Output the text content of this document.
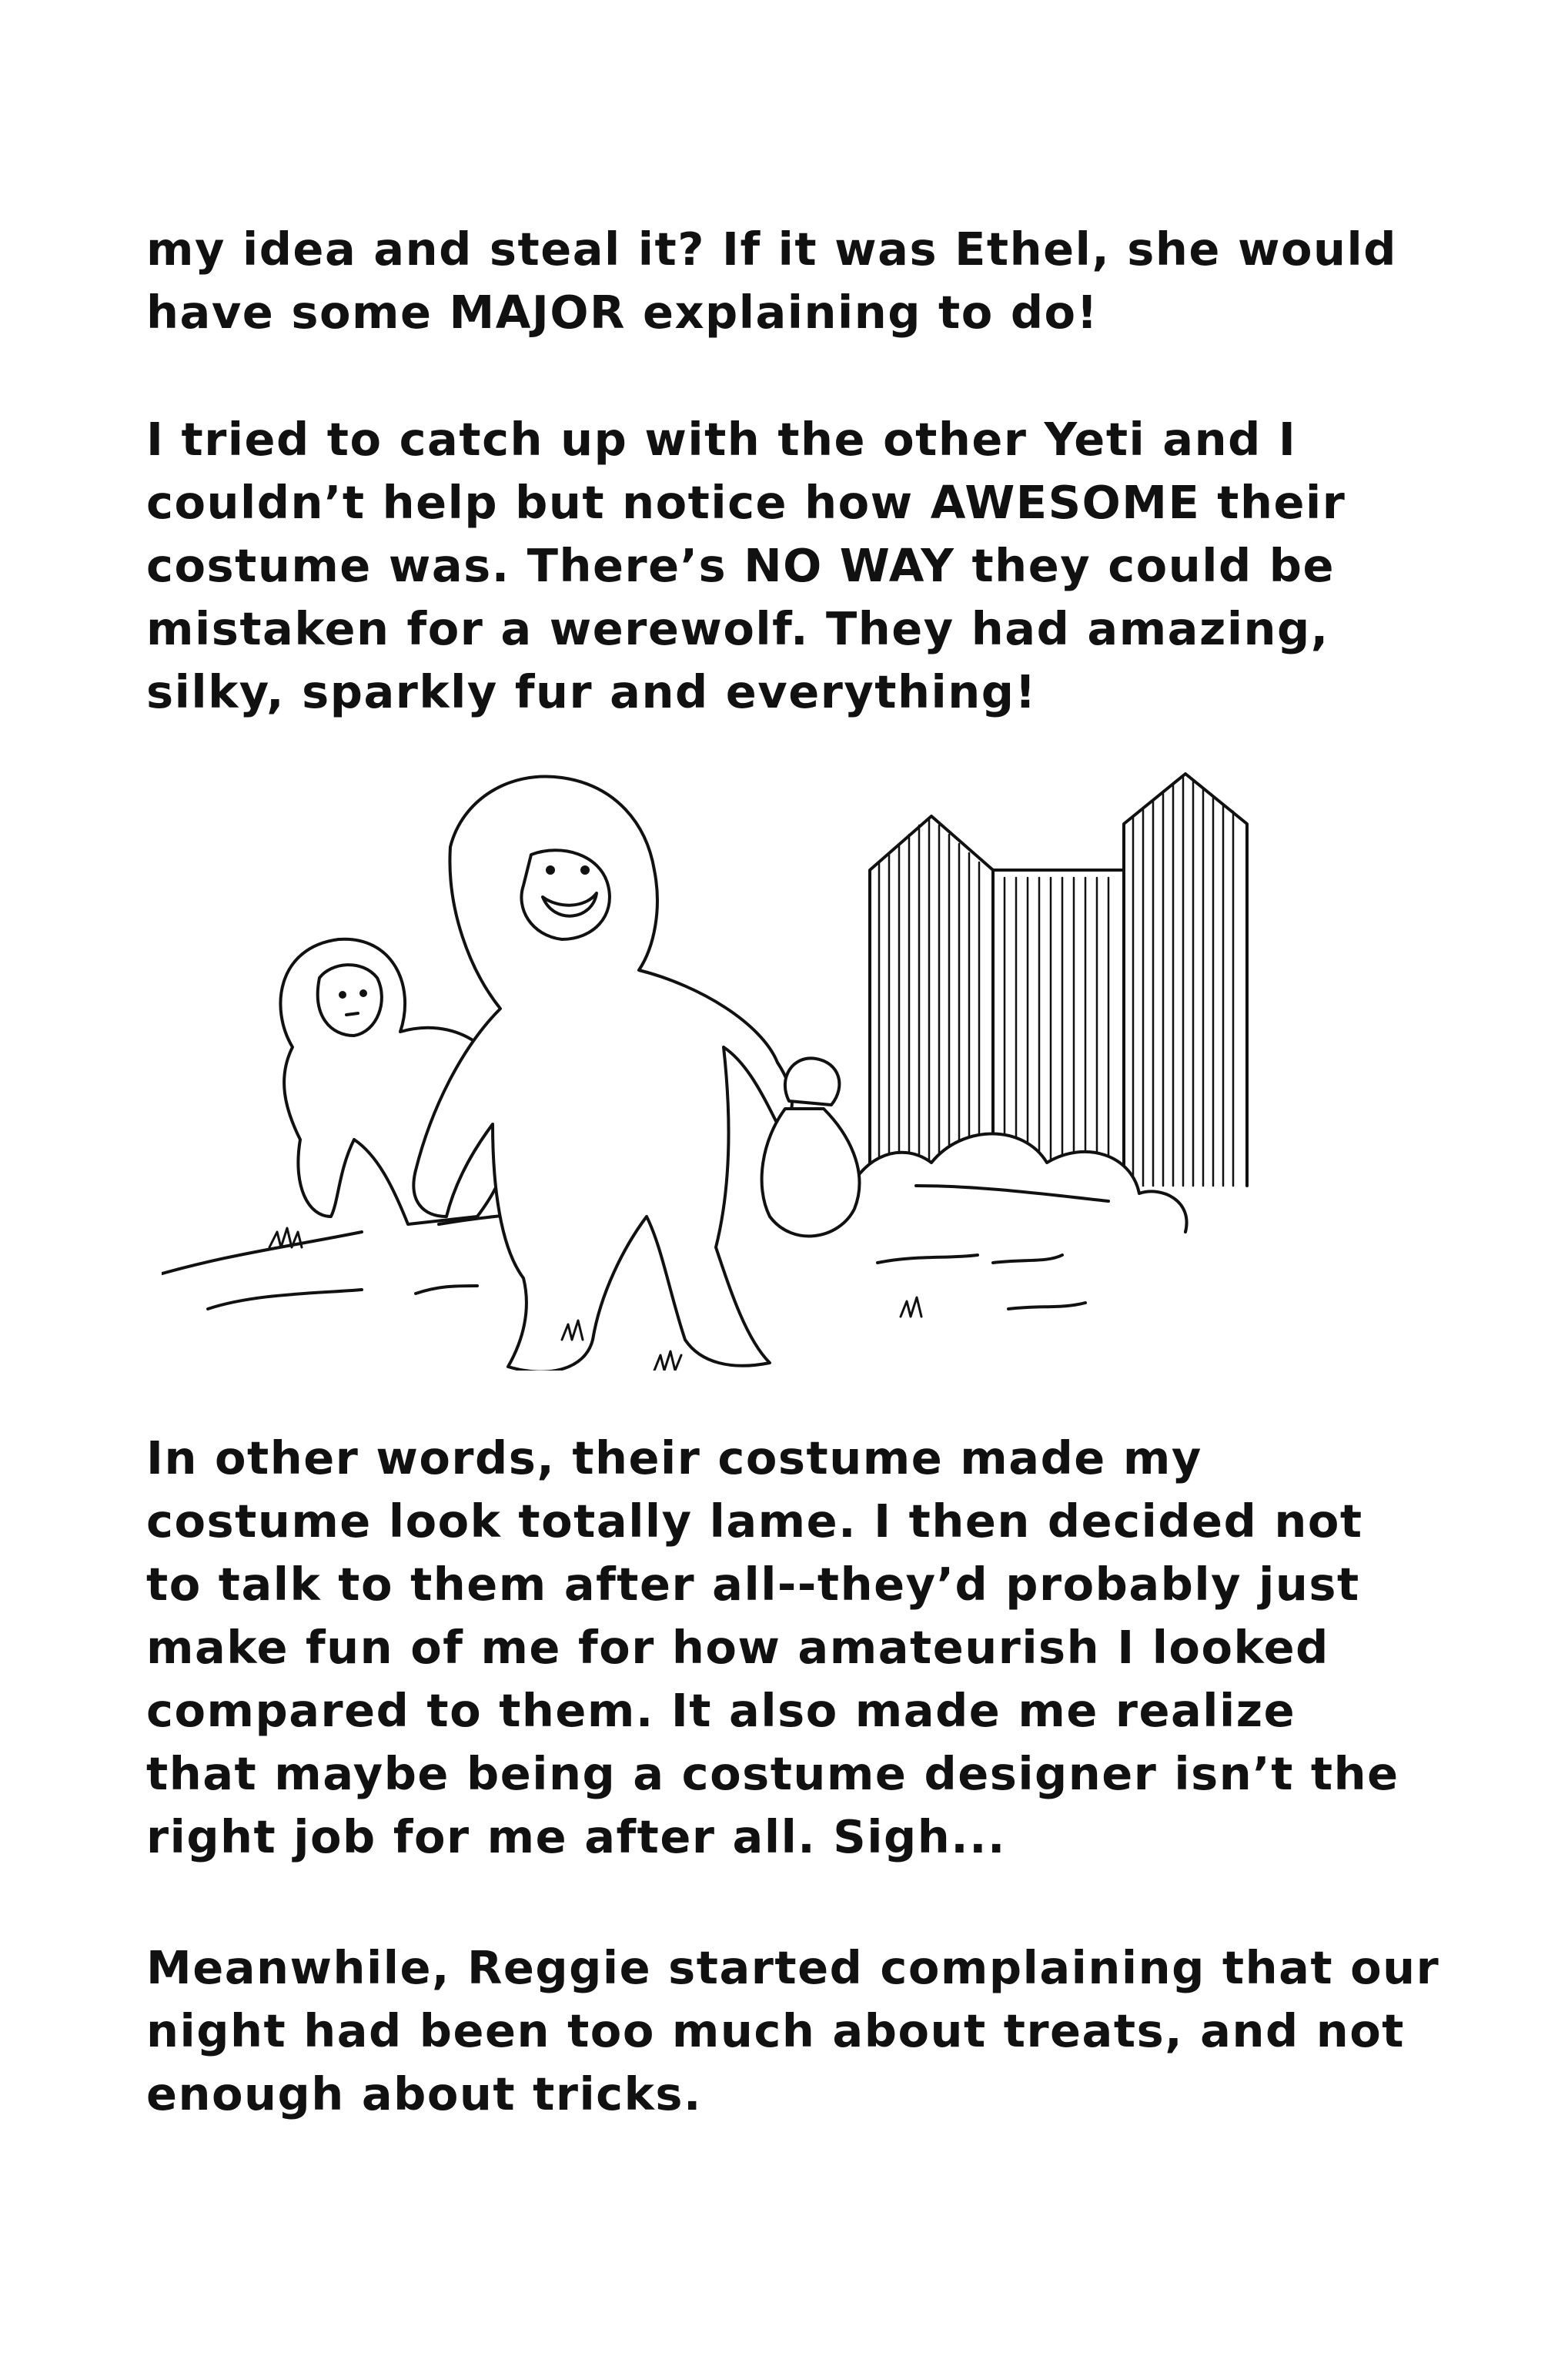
my idea and steal it? If it was Ethel, she would
have some MAJOR explaining to do!

I tried to catch up with the other Yeti and I
couldn’t help but notice how AWESOME their
costume was. There’s NO WAY they could be
mistaken for a werewolf. They had amazing,
silky, sparkly fur and everything!

In other words, their costume made my
costume look totally lame. I then decided not
to talk to them after all--they’d probably just
make fun of me for how amateurish I looked
compared to them. It also made me realize
that maybe being a costume designer isn’t the
right job for me after all. Sigh...

Meanwhile, Reggie started complaining that our
night had been too much about treats, and not
enough about tricks.
